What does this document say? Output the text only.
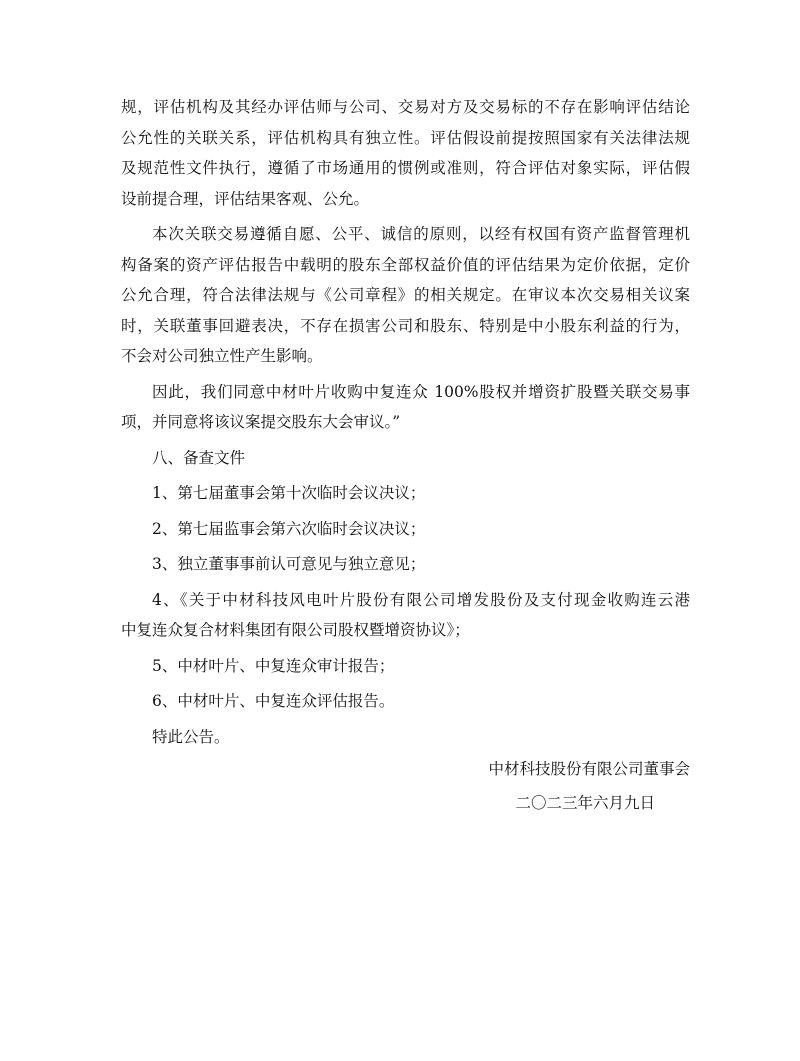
规，评估机构及其经办评估师与公司、交易对方及交易标的不存在影响评估结论
公允性的关联关系，评估机构具有独立性。评估假设前提按照国家有关法律法规
及规范性文件执行，遵循了市场通用的惯例或准则，符合评估对象实际，评估假
设前提合理，评估结果客观、公允。
本次关联交易遵循自愿、公平、诚信的原则，以经有权国有资产监督管理机
构备案的资产评估报告中载明的股东全部权益价值的评估结果为定价依据，定价
公允合理，符合法律法规与《公司章程》的相关规定。在审议本次交易相关议案
时，关联董事回避表决，不存在损害公司和股东、特别是中小股东利益的行为，
不会对公司独立性产生影响。
因此，我们同意中材叶片收购中复连众 100%股权并增资扩股暨关联交易事
项，并同意将该议案提交股东大会审议。”
八、备查文件
1、第七届董事会第十次临时会议决议；
2、第七届监事会第六次临时会议决议；
3、独立董事事前认可意见与独立意见；
4、《关于中材科技风电叶片股份有限公司增发股份及支付现金收购连云港
中复连众复合材料集团有限公司股权暨增资协议》；
5、中材叶片、中复连众审计报告；
6、中材叶片、中复连众评估报告。
特此公告。
中材科技股份有限公司董事会
二〇二三年六月九日
